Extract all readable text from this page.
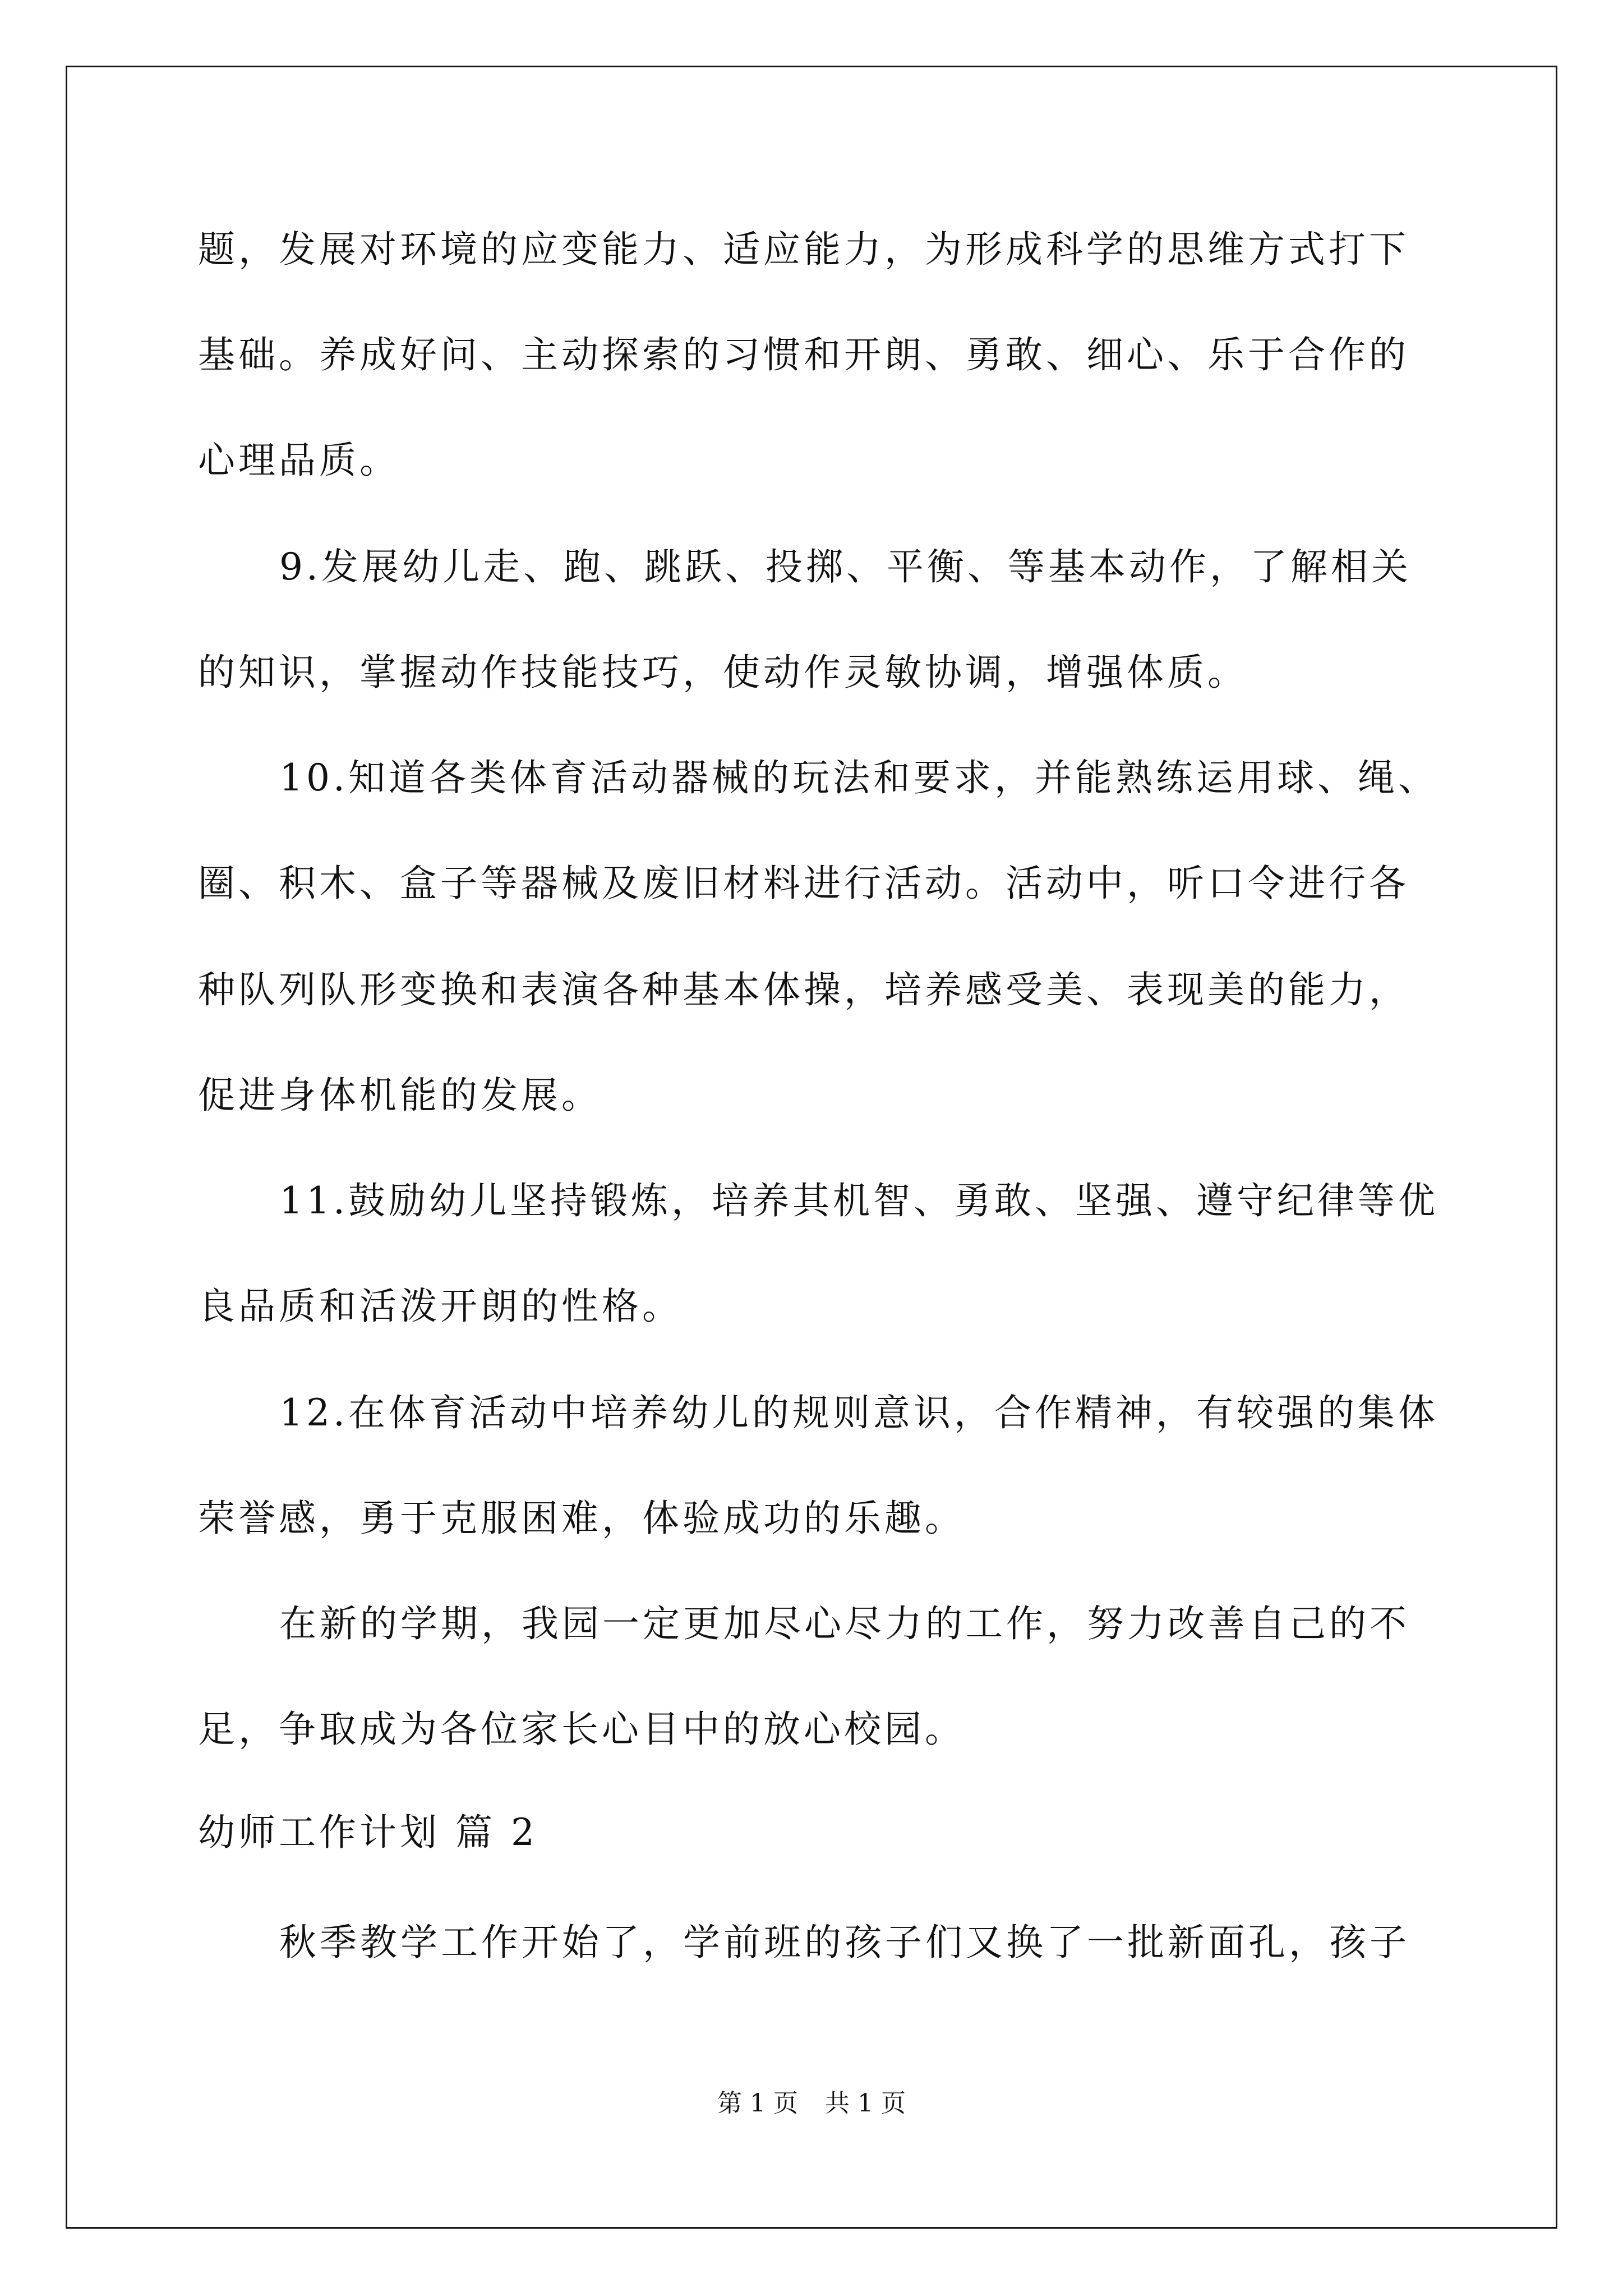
题，发展对环境的应变能力、适应能力，为形成科学的思维方式打下
基础。养成好问、主动探索的习惯和开朗、勇敢、细心、乐于合作的
心理品质。
9.发展幼儿走、跑、跳跃、投掷、平衡、等基本动作，了解相关
的知识，掌握动作技能技巧，使动作灵敏协调，增强体质。
10.知道各类体育活动器械的玩法和要求，并能熟练运用球、绳、
圈、积木、盒子等器械及废旧材料进行活动。活动中，听口令进行各
种队列队形变换和表演各种基本体操，培养感受美、表现美的能力，
促进身体机能的发展。
11.鼓励幼儿坚持锻炼，培养其机智、勇敢、坚强、遵守纪律等优
良品质和活泼开朗的性格。
12.在体育活动中培养幼儿的规则意识，合作精神，有较强的集体
荣誉感，勇于克服困难，体验成功的乐趣。
在新的学期，我园一定更加尽心尽力的工作，努力改善自己的不
足，争取成为各位家长心目中的放心校园。
幼师工作计划 篇 2
秋季教学工作开始了，学前班的孩子们又换了一批新面孔，孩子
第 1 页 共 1 页
